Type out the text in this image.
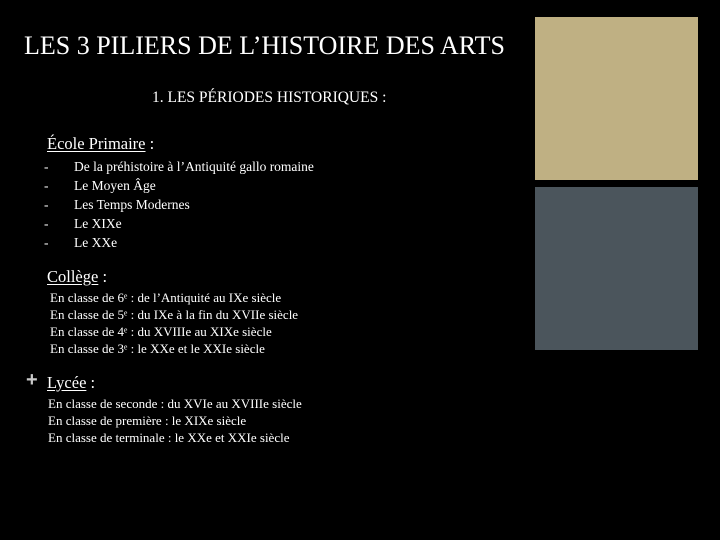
LES 3 PILIERS DE L’HISTOIRE DES ARTS
1. LES PÉRIODES HISTORIQUES :
École Primaire :
- De la préhistoire à l’Antiquité gallo romaine
- Le Moyen Âge
- Les Temps Modernes
- Le XIXe
- Le XXe
Collège :
En classe de 6ᵉ : de l’Antiquité au IXe siècle
En classe de 5ᵉ : du IXe à la fin du XVIIe siècle
En classe de 4ᵉ : du XVIIIe au XIXe siècle
En classe de 3ᵉ : le XXe et le XXIe siècle
+ Lycée :
En classe de seconde : du XVIe au XVIIIe siècle
En classe de première : le XIXe siècle
En classe de terminale : le XXe et XXIe siècle
